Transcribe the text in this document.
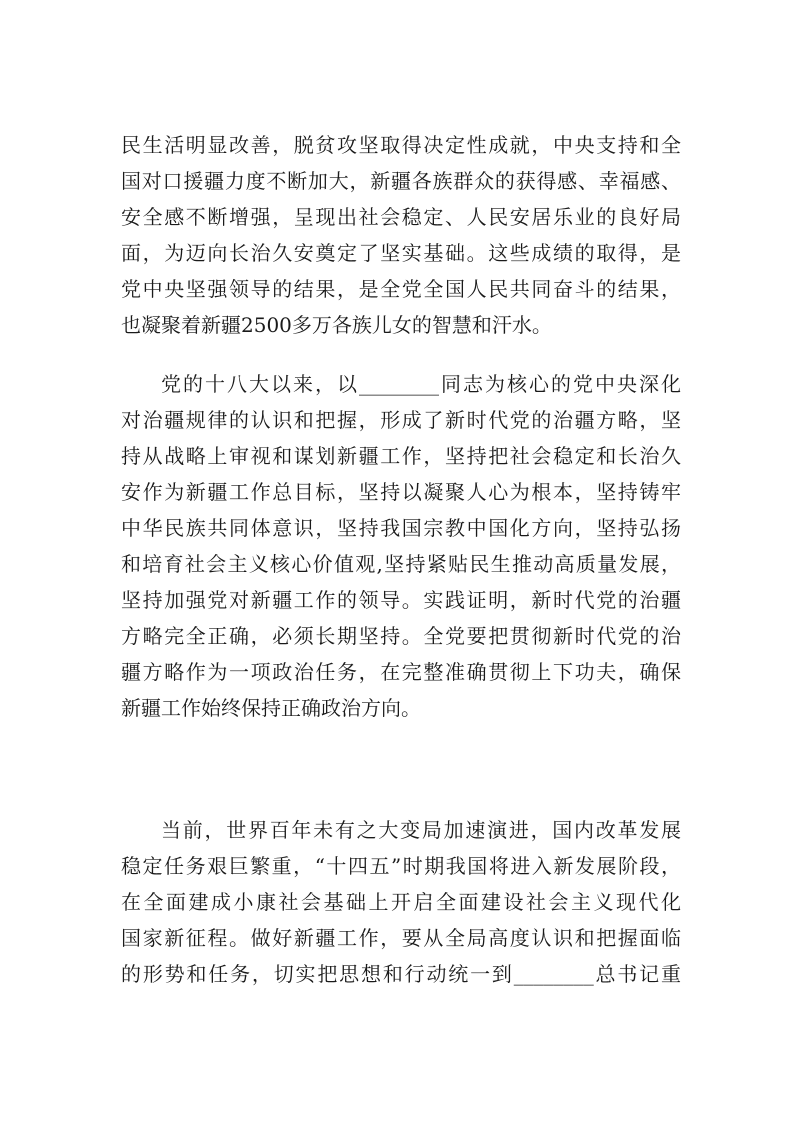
民生活明显改善，脱贫攻坚取得决定性成就，中央支持和全
国对口援疆力度不断加大，新疆各族群众的获得感、幸福感、
安全感不断增强，呈现出社会稳定、人民安居乐业的良好局
面，为迈向长治久安奠定了坚实基础。这些成绩的取得，是
党中央坚强领导的结果，是全党全国人民共同奋斗的结果，
也凝聚着新疆2500多万各族儿女的智慧和汗水。
党的十八大以来，以________同志为核心的党中央深化
对治疆规律的认识和把握，形成了新时代党的治疆方略，坚
持从战略上审视和谋划新疆工作，坚持把社会稳定和长治久
安作为新疆工作总目标，坚持以凝聚人心为根本，坚持铸牢
中华民族共同体意识，坚持我国宗教中国化方向，坚持弘扬
和培育社会主义核心价值观,坚持紧贴民生推动高质量发展，
坚持加强党对新疆工作的领导。实践证明，新时代党的治疆
方略完全正确，必须长期坚持。全党要把贯彻新时代党的治
疆方略作为一项政治任务，在完整准确贯彻上下功夫，确保
新疆工作始终保持正确政治方向。
当前，世界百年未有之大变局加速演进，国内改革发展
稳定任务艰巨繁重，“十四五”时期我国将进入新发展阶段，
在全面建成小康社会基础上开启全面建设社会主义现代化
国家新征程。做好新疆工作，要从全局高度认识和把握面临
的形势和任务，切实把思想和行动统一到________总书记重
